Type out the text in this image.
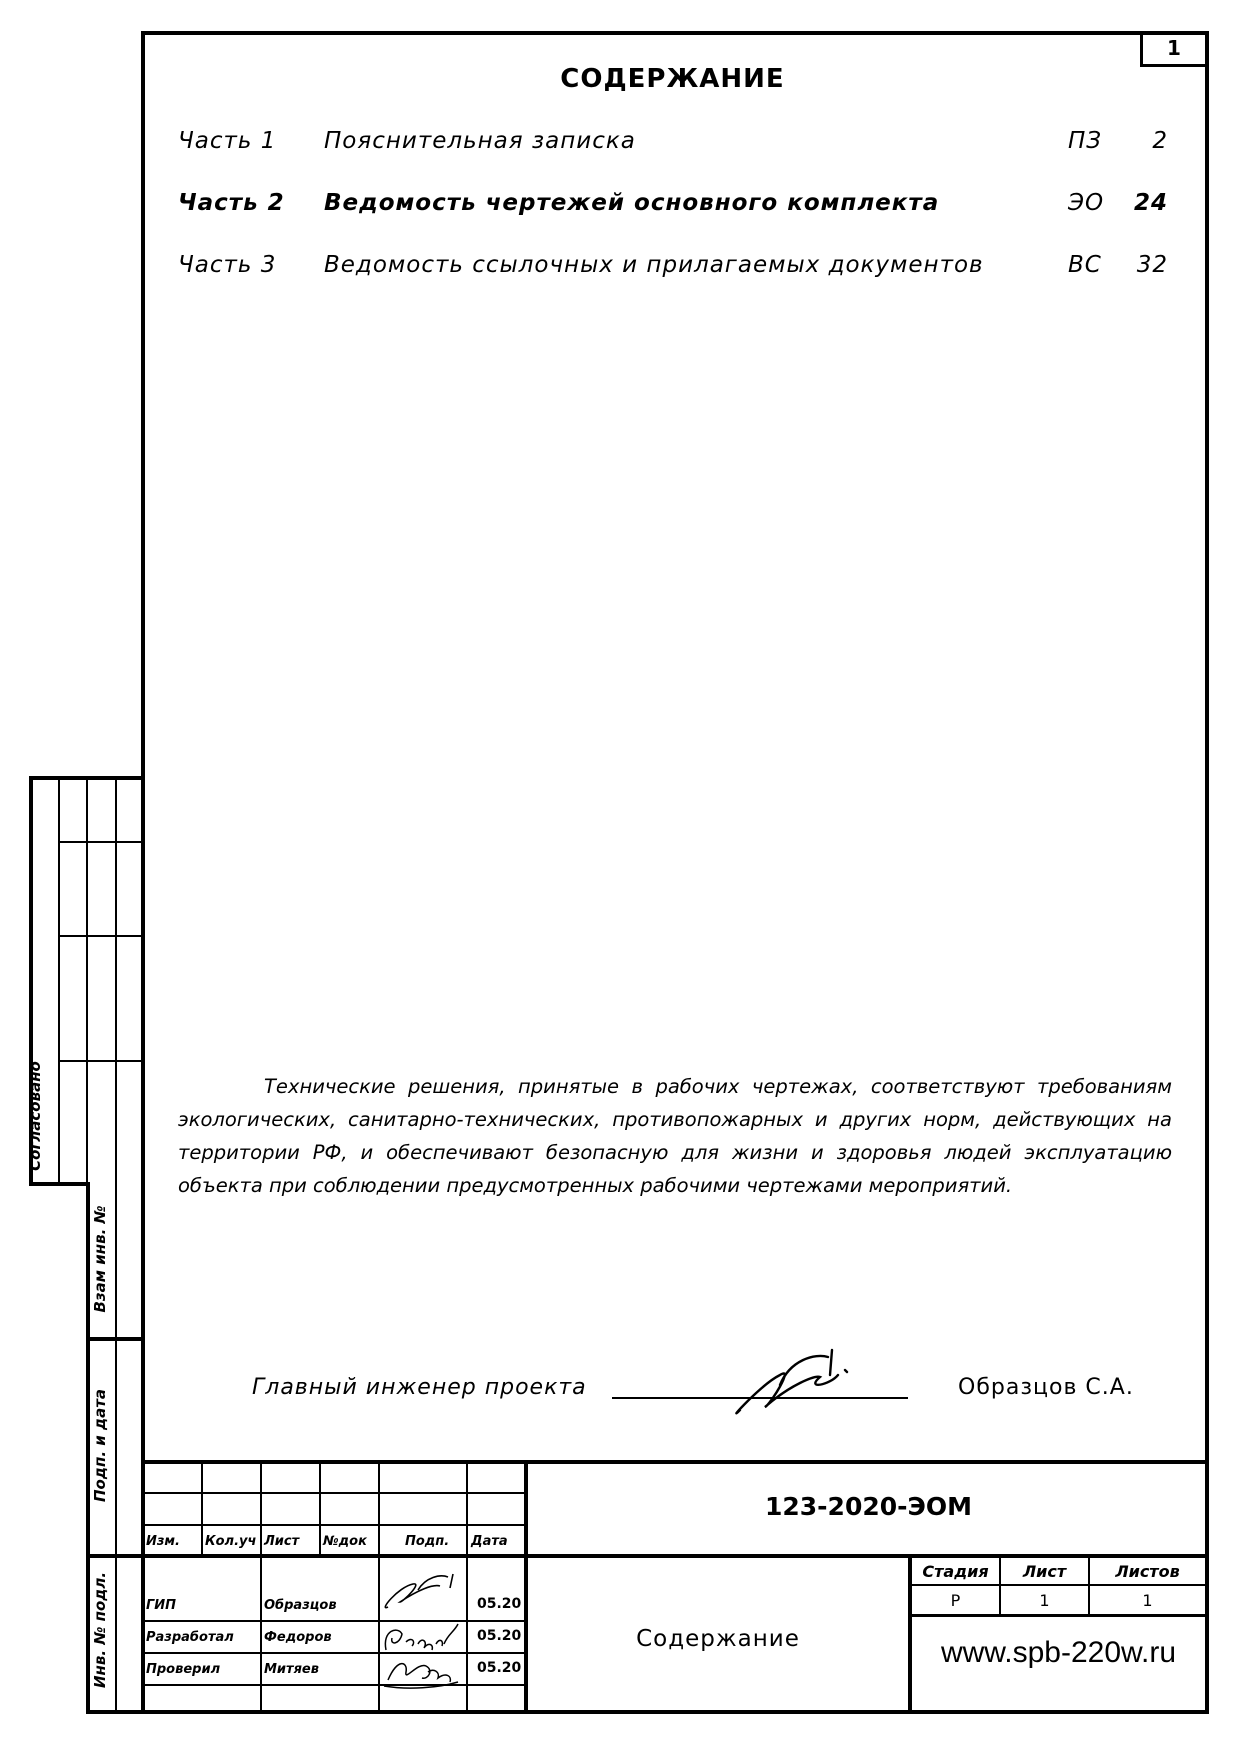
1
СОДЕРЖАНИЕ
Часть 1 Пояснительная записка	ПЗ 2
Часть 2 Ведомость чертежей основного комплекта	ЭО 24
Часть 3 Ведомость ссылочных и прилагаемых документов	ВС 32

Технические решения, принятые в рабочих чертежах, соответствуют требованиям экологических, санитарно-технических, противопожарных и других норм, действующих на территории РФ, и обеспечивают безопасную для жизни и здоровья людей эксплуатацию объекта при соблюдении предусмотренных рабочими чертежами мероприятий.

Главный инженер проекта	Образцов С.А.
Согласовано
Взам инв. №
Подп. и дата
Инв. № подл.
Изм. Кол.уч Лист №док	Подп. Дата
ГИП	Образцов	05.20
Разработал Федоров	05.20
Проверил	Митяев	05.20
123-2020-ЭОМ
Содержание
Стадия	Лист	Листов
Р	1	1
www.spb-220w.ru
